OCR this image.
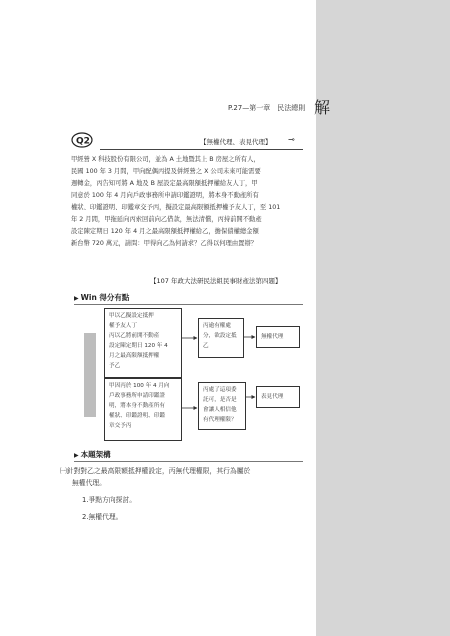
P.27—第一章　民法總則 解
Q2	【無權代理、表見代理】 ⊸
甲經營 X 科技股份有限公司，並為 A 土地暨其上 B 房屋之所有人，
民國 100 年 3 月間，甲向配偶丙提及併經營之 X 公司未來可能需要
週轉金，丙告知可將 A 地及 B 屋設定最高限額抵押權給友人丁，甲
同意於 100 年 4 月向戶政事務所申請印鑑證明，將本身不動產所有
權狀、印鑑證明、印鑑章交予丙，擬設定最高限額抵押權予友人丁，至 101
年 2 月間，甲拖延向丙索回前向乙借款，無法清償，丙持前開不動產
設定陳定期日 120 年 4 月之最高限額抵押權給乙，擔保債權總金額
新台幣 720 萬元，請問：甲得向乙為何請求？乙得以何理由置辯？
【107 年政大法研民法組民事財產法第四題】
▶ Win 得分有點
甲以乙擬設定抵押
權予友人丁
丙以乙將前開不動產
設定陳定期日 120 年 4
月之最高限額抵押權
予乙
丙逾有權處
分，欲設定抵
乙
無權代理
甲因丙於 100 年 4 月向
戶政事務所申請印鑑證
明，將本身不動產所有
權狀、印鑑證明、印鑑
章交予丙
丙處了這項委
託可，是否是
會讓人相信他
有代理權限？
表見代理
▶ 本題架構
㈠針對對乙之最高限額抵押權設定，丙無代理權限，其行為屬於
無權代理。
1.爭點方向探討。
2.無權代理。
